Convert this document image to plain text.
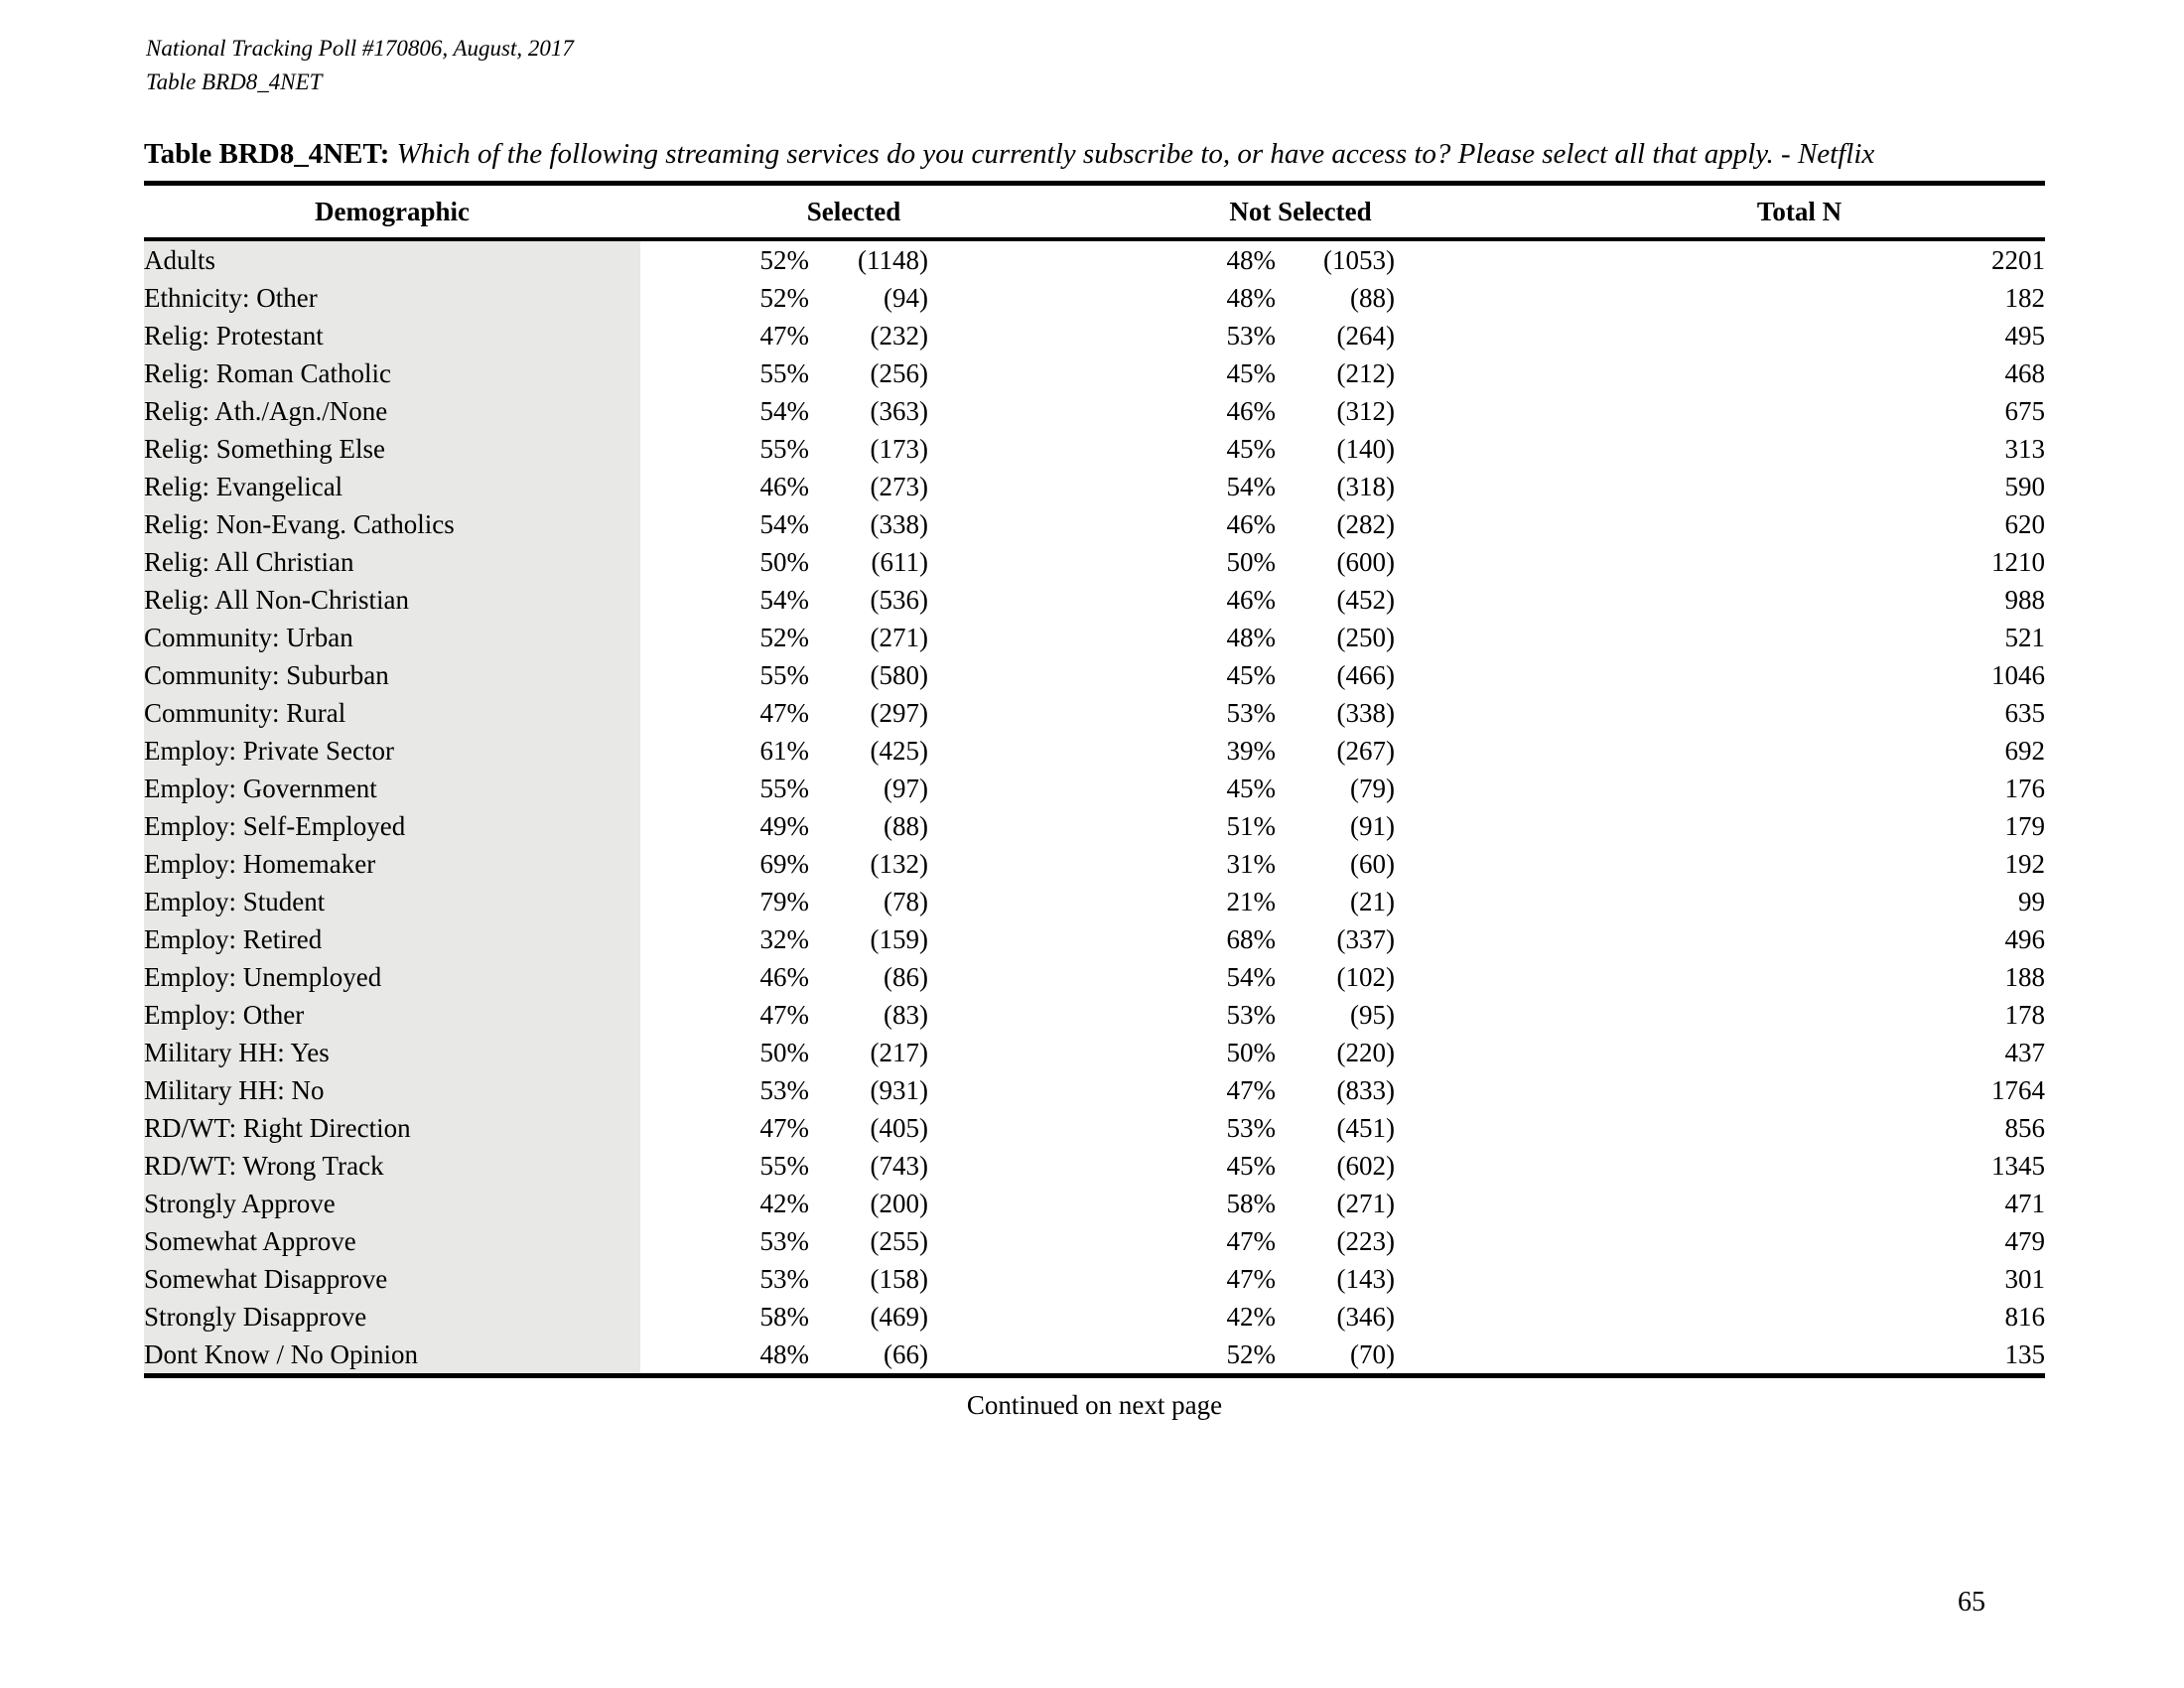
National Tracking Poll #170806, August, 2017
Table BRD8_4NET
Table BRD8_4NET: Which of the following streaming services do you currently subscribe to, or have access to? Please select all that apply. - Netflix
Demographic	Selected		Not Selected		Total N
Adults	52%	(1148)	48%	(1053)	2201
Ethnicity: Other	52%	(94)	48%	(88)	182
Relig: Protestant	47%	(232)	53%	(264)	495
Relig: Roman Catholic	55%	(256)	45%	(212)	468
Relig: Ath./Agn./None	54%	(363)	46%	(312)	675
Relig: Something Else	55%	(173)	45%	(140)	313
Relig: Evangelical	46%	(273)	54%	(318)	590
Relig: Non-Evang. Catholics	54%	(338)	46%	(282)	620
Relig: All Christian	50%	(611)	50%	(600)	1210
Relig: All Non-Christian	54%	(536)	46%	(452)	988
Community: Urban	52%	(271)	48%	(250)	521
Community: Suburban	55%	(580)	45%	(466)	1046
Community: Rural	47%	(297)	53%	(338)	635
Employ: Private Sector	61%	(425)	39%	(267)	692
Employ: Government	55%	(97)	45%	(79)	176
Employ: Self-Employed	49%	(88)	51%	(91)	179
Employ: Homemaker	69%	(132)	31%	(60)	192
Employ: Student	79%	(78)	21%	(21)	99
Employ: Retired	32%	(159)	68%	(337)	496
Employ: Unemployed	46%	(86)	54%	(102)	188
Employ: Other	47%	(83)	53%	(95)	178
Military HH: Yes	50%	(217)	50%	(220)	437
Military HH: No	53%	(931)	47%	(833)	1764
RD/WT: Right Direction	47%	(405)	53%	(451)	856
RD/WT: Wrong Track	55%	(743)	45%	(602)	1345
Strongly Approve	42%	(200)	58%	(271)	471
Somewhat Approve	53%	(255)	47%	(223)	479
Somewhat Disapprove	53%	(158)	47%	(143)	301
Strongly Disapprove	58%	(469)	42%	(346)	816
Dont Know / No Opinion	48%	(66)	52%	(70)	135
Continued on next page
65
